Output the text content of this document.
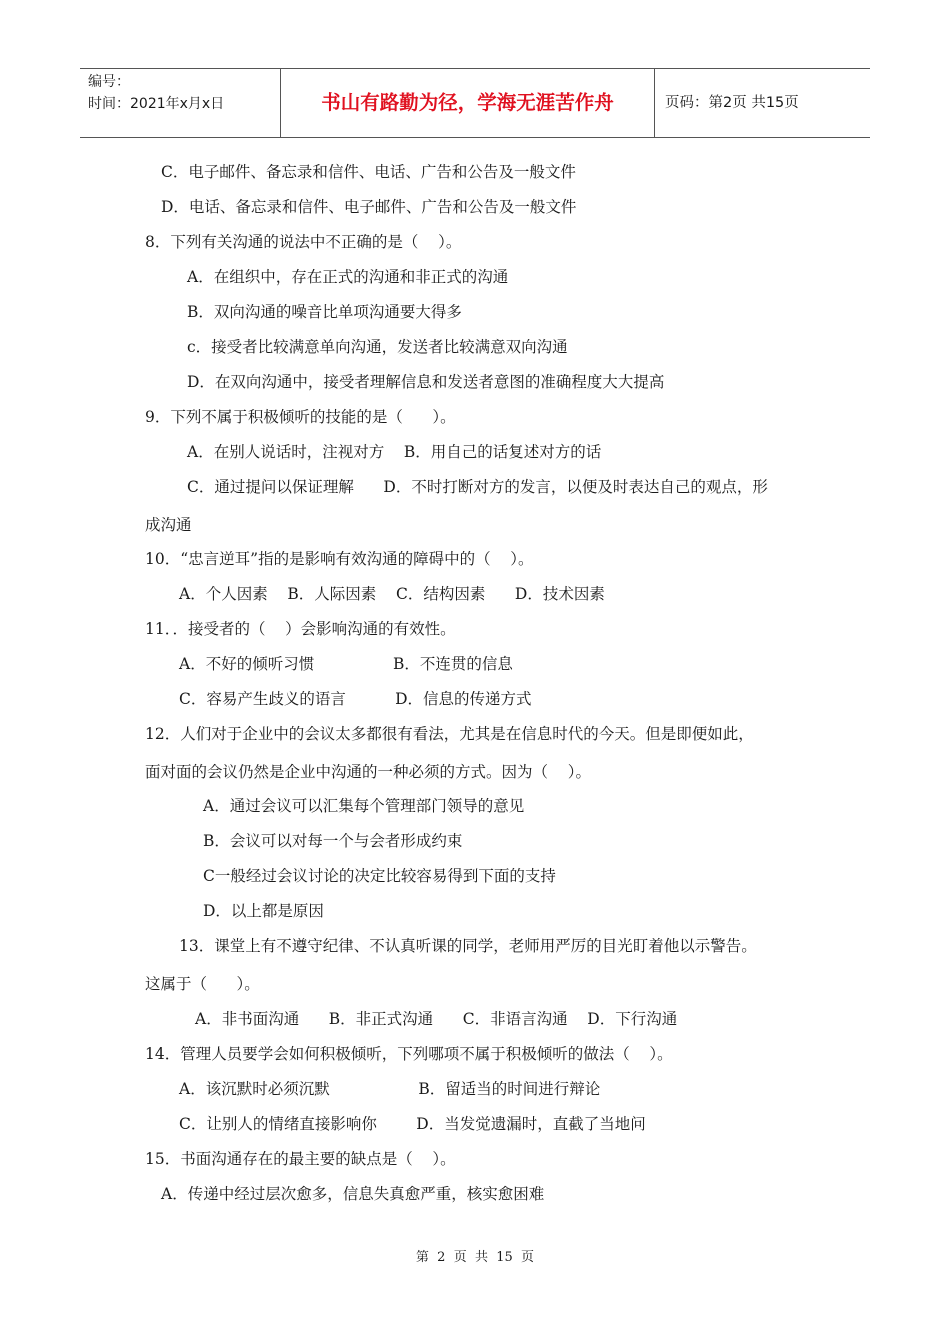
编号：
时间：2021年x月x日	书山有路勤为径，学海无涯苦作舟	页码：第2页 共15页
C．电子邮件、备忘录和信件、电话、广告和公告及一般文件
D．电话、备忘录和信件、电子邮件、广告和公告及一般文件
8．下列有关沟通的说法中不正确的是（    ）。
A．在组织中，存在正式的沟通和非正式的沟通
B．双向沟通的噪音比单项沟通要大得多
c．接受者比较满意单向沟通，发送者比较满意双向沟通
D．在双向沟通中，接受者理解信息和发送者意图的准确程度大大提高
9．下列不属于积极倾听的技能的是（      ）。
A．在别人说话时，注视对方    B．用自己的话复述对方的话
C．通过提问以保证理解      D．不时打断对方的发言，以便及时表达自己的观点，形
成沟通
10．“忠言逆耳”指的是影响有效沟通的障碍中的（    ）。
A．个人因素    B．人际因素    C．结构因素      D．技术因素
11．．接受者的（    ）会影响沟通的有效性。
A．不好的倾听习惯                B．不连贯的信息
C．容易产生歧义的语言          D．信息的传递方式
12．人们对于企业中的会议太多都很有看法，尤其是在信息时代的今天。但是即便如此，
面对面的会议仍然是企业中沟通的一种必须的方式。因为（    ）。
A．通过会议可以汇集每个管理部门领导的意见
B．会议可以对每一个与会者形成约束
C一般经过会议讨论的决定比较容易得到下面的支持
D．以上都是原因
13．课堂上有不遵守纪律、不认真听课的同学，老师用严厉的目光盯着他以示警告。
这属于（      ）。
A．非书面沟通      B．非正式沟通      C．非语言沟通    D．下行沟通
14．管理人员要学会如何积极倾听，下列哪项不属于积极倾听的做法（    ）。
A．该沉默时必须沉默                  B．留适当的时间进行辩论
C．让别人的情绪直接影响你        D．当发觉遗漏时，直截了当地问
15．书面沟通存在的最主要的缺点是（    ）。
A．传递中经过层次愈多，信息失真愈严重，核实愈困难
第  2  页  共  15  页
